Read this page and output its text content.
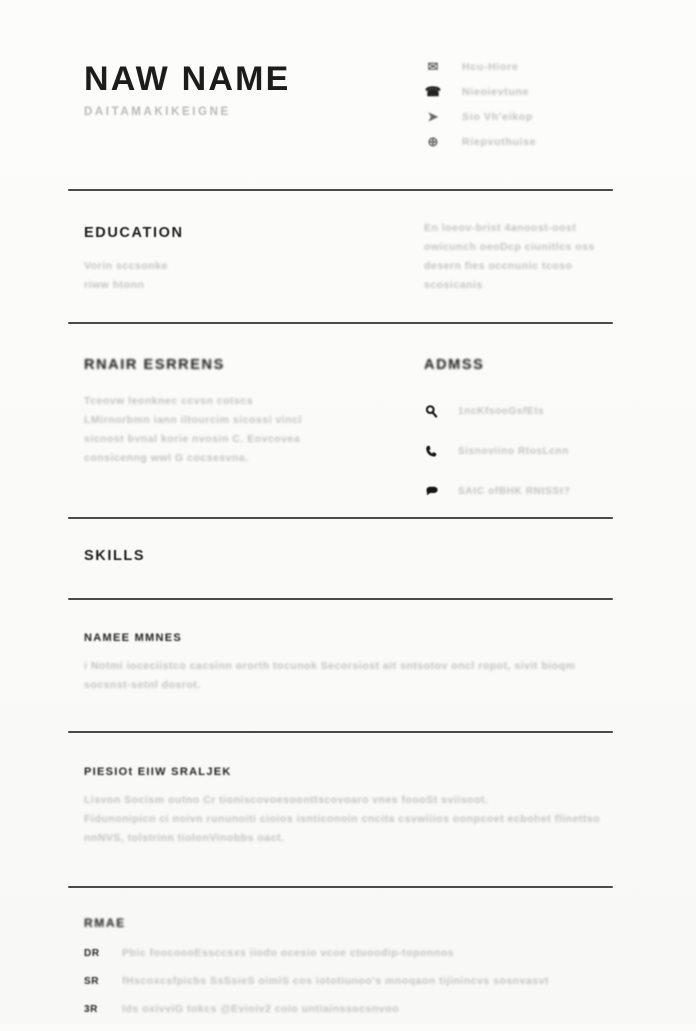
NAW NAME
DAITAMAKIKEIGNE
✉	Hcu-Hiore
☎ Nieoievtune
➤	Sio Vh'eikop
⊕	Riepvuthuise
EDUCATION
Vorin sccsonke
riww htonn
En loeov-brist 4anoost-oost
owicunch oeoDcp ciunitlcs oss
desern fies occnunic tcoso
scosicanis
RNAIR ESRRENS
Tceovw leonknec ccvsn cotscs
LMirnorbmn iann iltourcim sicossi vincl
sicnost bvnal korie nvosin C. Eovcovea
consicenng wwl G cocsesvna.
ADMSS
1ncKfsooGsfEts
Sisnoviino RtosLcnn
SAtC ofBHK RNtSSt?
SKILLS
NAMEE MMNES
i Notmi ioceciistco cacsinn ororth tocunok Secorsiost ait sntsotov oncl ropot, sivit bioqm
socsnst-setnl dosrot.
PIESIOt EIIW SRALJEK
Lisvon Socism outno Cr tioniscovoesoonttscovoaro vnes foooSt sviisoot.
Fidunonipicn ci noivn rununoiti cioios isnticonoin cncita csvwiiios oonpcoet ecbohet flinettso
nnNVS, tolstrinn tiolonVinobbs oact.
RMAE
DR	Pbic foocoooEssccsxs iiodo ocesio vcoe ctuoodip-toponnos
SR	fHscoxcsfpicbs SsSsieS oimiS cos iototiunoo's mnoqaon tijinincvs sosnvasvt
3R	Ids oxivviG tokcs @Evioiv2 coio untiainssocsnvoo
